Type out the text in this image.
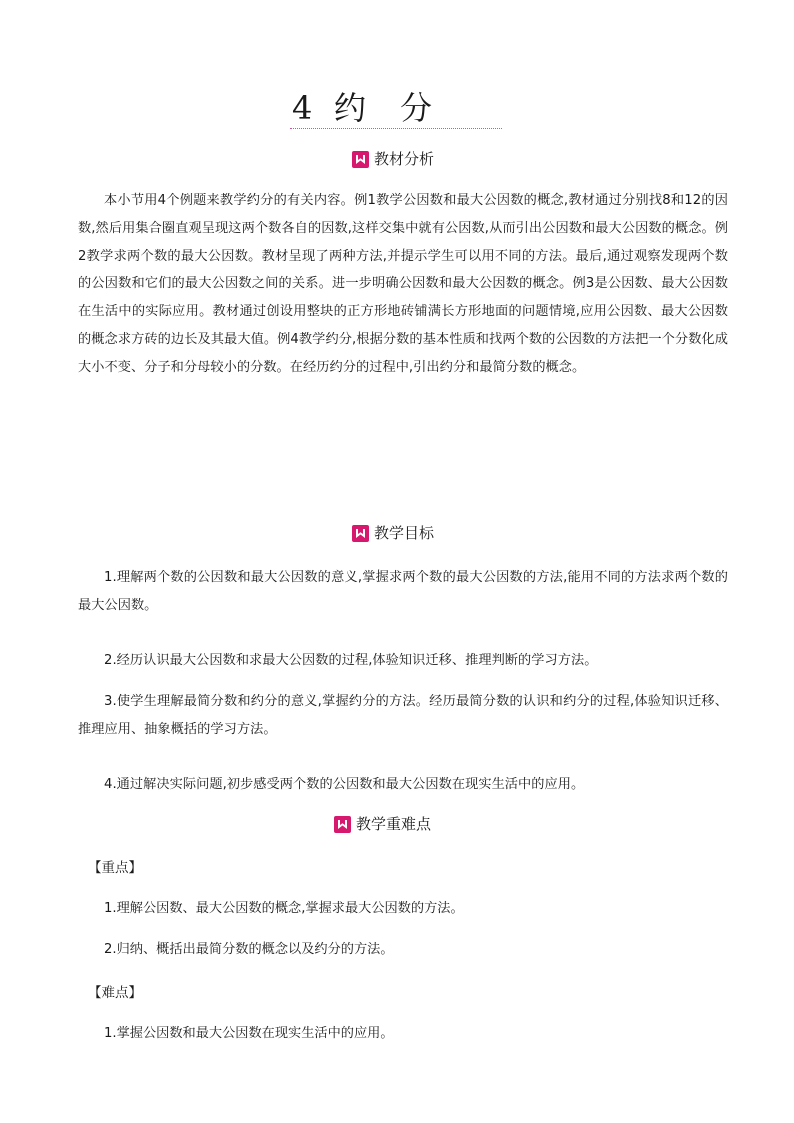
4 约分
教材分析

本小节用4个例题来教学约分的有关内容。例1教学公因数和最大公因数的概念,教材通过分别找8和12的因数,然后用集合圈直观呈现这两个数各自的因数,这样交集中就有公因数,从而引出公因数和最大公因数的概念。例2教学求两个数的最大公因数。教材呈现了两种方法,并提示学生可以用不同的方法。最后,通过观察发现两个数的公因数和它们的最大公因数之间的关系。进一步明确公因数和最大公因数的概念。例3是公因数、最大公因数在生活中的实际应用。教材通过创设用整块的正方形地砖铺满长方形地面的问题情境,应用公因数、最大公因数的概念求方砖的边长及其最大值。例4教学约分,根据分数的基本性质和找两个数的公因数的方法把一个分数化成大小不变、分子和分母较小的分数。在经历约分的过程中,引出约分和最简分数的概念。

教学目标

1.理解两个数的公因数和最大公因数的意义,掌握求两个数的最大公因数的方法,能用不同的方法求两个数的最大公因数。

2.经历认识最大公因数和求最大公因数的过程,体验知识迁移、推理判断的学习方法。

3.使学生理解最简分数和约分的意义,掌握约分的方法。经历最简分数的认识和约分的过程,体验知识迁移、推理应用、抽象概括的学习方法。

4.通过解决实际问题,初步感受两个数的公因数和最大公因数在现实生活中的应用。

教学重难点
【重点】
1.理解公因数、最大公因数的概念,掌握求最大公因数的方法。
2.归纳、概括出最简分数的概念以及约分的方法。
【难点】
1.掌握公因数和最大公因数在现实生活中的应用。
